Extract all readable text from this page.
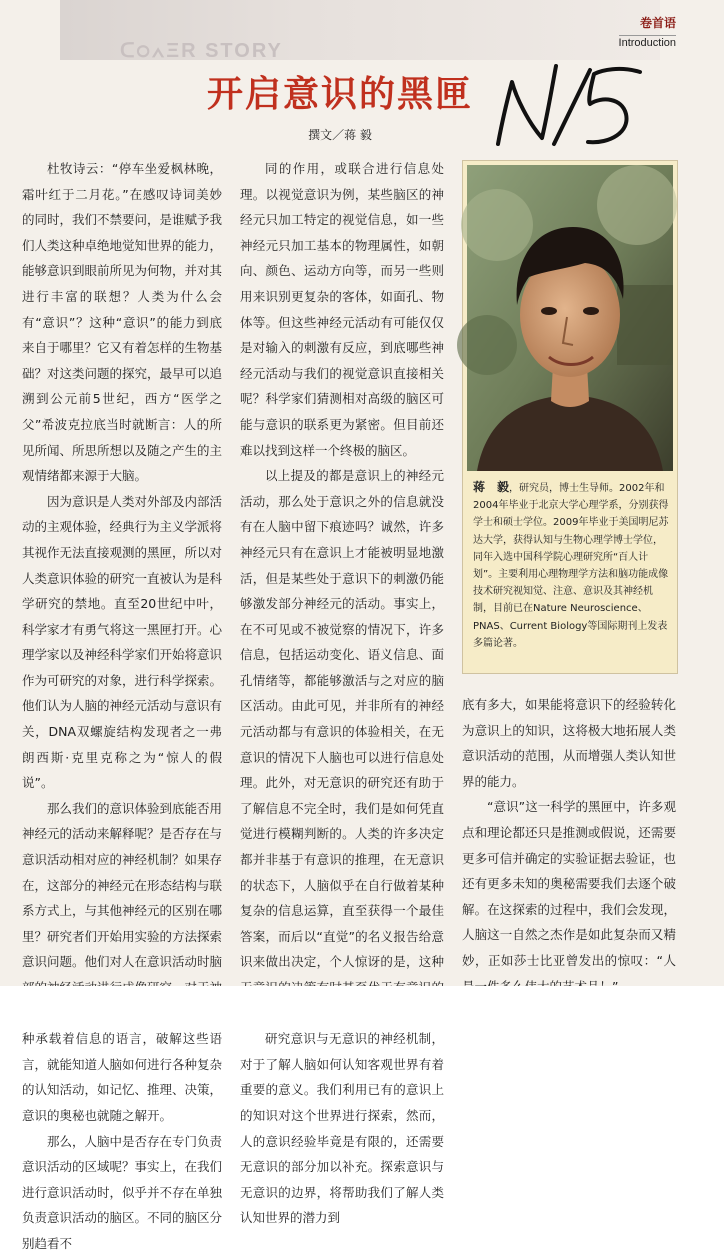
ᑕ੦∧ΞR STORY
卷首语
Introduction
开启意识的黑匣
撰文／蒋 毅

杜牧诗云：“停车坐爱枫林晚，霜叶红于二月花。”在感叹诗词美妙的同时，我们不禁要问，是谁赋予我们人类这种卓绝地觉知世界的能力，能够意识到眼前所见为何物，并对其进行丰富的联想？人类为什么会有“意识”？这种“意识”的能力到底来自于哪里？它又有着怎样的生物基础？对这类问题的探究，最早可以追溯到公元前5世纪，西方“医学之父”希波克拉底当时就断言：人的所见所闻、所思所想以及随之产生的主观情绪都来源于大脑。

因为意识是人类对外部及内部活动的主观体验，经典行为主义学派将其视作无法直接观测的黑匣，所以对人类意识体验的研究一直被认为是科学研究的禁地。直至20世纪中叶，科学家才有勇气将这一黑匣打开。心理学家以及神经科学家们开始将意识作为可研究的对象，进行科学探索。他们认为人脑的神经元活动与意识有关，DNA双螺旋结构发现者之一弗朗西斯·克里克称之为“惊人的假说”。

那么我们的意识体验到底能否用神经元的活动来解释呢？是否存在与意识活动相对应的神经机制？如果存在，这部分的神经元在形态结构与联系方式上，与其他神经元的区别在哪里？研究者们开始用实验的方法探索意识问题。他们对人在意识活动时脑 种承载着信息的语言，破解这些语言，就能知道人脑如何进行各种复杂的认知活动，如记忆、推理、决策，意识的奥秘也就随之解开。

那么，人脑中是否存在专门负责意识活动的区域呢？事实上，在我们进行意识活动时，似乎并不存在单独负责意识活动的脑区。不同的脑区分别趋看不

同的作用，或联合进行信息处理。以视觉意识为例，某些脑区的神经元只加工特定的视觉信息，如一些神经元只加工基本的物理属性，如朝向、颜色、运动方向等，而另一些则用来识别更复杂的客体，如面孔、物体等。但这些神经元活动有可能仅仅是对输入的刺激有反应，到底哪些神经元活动与我们的视觉意识直接相关呢？科学家们猜测相对高级的脑区可能与意识的联系更为紧密。但目前还难以找到这样一个终极的脑区。

以上提及的都是意识上的神经元活动，那么处于意识之外的信息就没有在人脑中留下痕迹吗？诚然，许多神经元只有在意识上才能被明显地激活，但是某些处于意识下的刺激仍能够激发部分神经元的活动。事实上，在不可见或不被觉察的情况下，许多信息，包括运动变化、语义信息、面孔情绪等，都能够激活与之对应的脑区活动。由此可见，并非所有的神经元活动都与有意识的体验相关，在无意识的情况下人脑也可以进行信息处理。此外，对无意识的研究还有助于了解信息不完全时，我们是如何凭直觉进行模糊判断的。人类的许多决定都并非基于有意识的推理，在无意识的状态下，人脑似乎在自行做着某种复杂的信息运算，直至获得一个最佳答案，而后以“直觉”的名义报告给意识来做出决定，个人惊讶的是，这种

研究意识与无意识的神经机制，对于了解人脑如何认知客观世界有着重要的意义。我们利用已有的意识上的知识对这个世界进行探索，然而，人的意识经验毕竟是有限的，还需要无意识的部分加以补充。探索意识与无意识的边界，将帮助我们了解人类认知世界的潜力到

蒋　毅，研究员，博士生导师。2002年和2004年毕业于北京大学心理学系，分别获得学士和硕士学位。2009年毕业于美国明尼苏达大学，获得认知与生物心理学博士学位，同年入选中国科学院心理研究所“百人计划”。主要利用心理物理学方法和脑功能成像技术研究视知觉、注意、意识及其神经机制，目前已在Nature Neuroscience、PNAS、Current Biology等国际期刊上发表多篇论著。

底有多大，如果能将意识下的经验转化为意识上的知识，这将极大地拓展人类意识活动的范围，从而增强人类认知世界的能力。

“意识”这一科学的黑匣中，许多观点和理论都还只是推测或假说，还需要更多可信并确定的实验证据去验证，也还有更多未知的奥秘需要我们去逐个破解。在这探索的过程中，我们会发现，人脑这一自然之杰作是如此复杂而又精妙，正如莎士比亚曾发出的惊叹：“人
